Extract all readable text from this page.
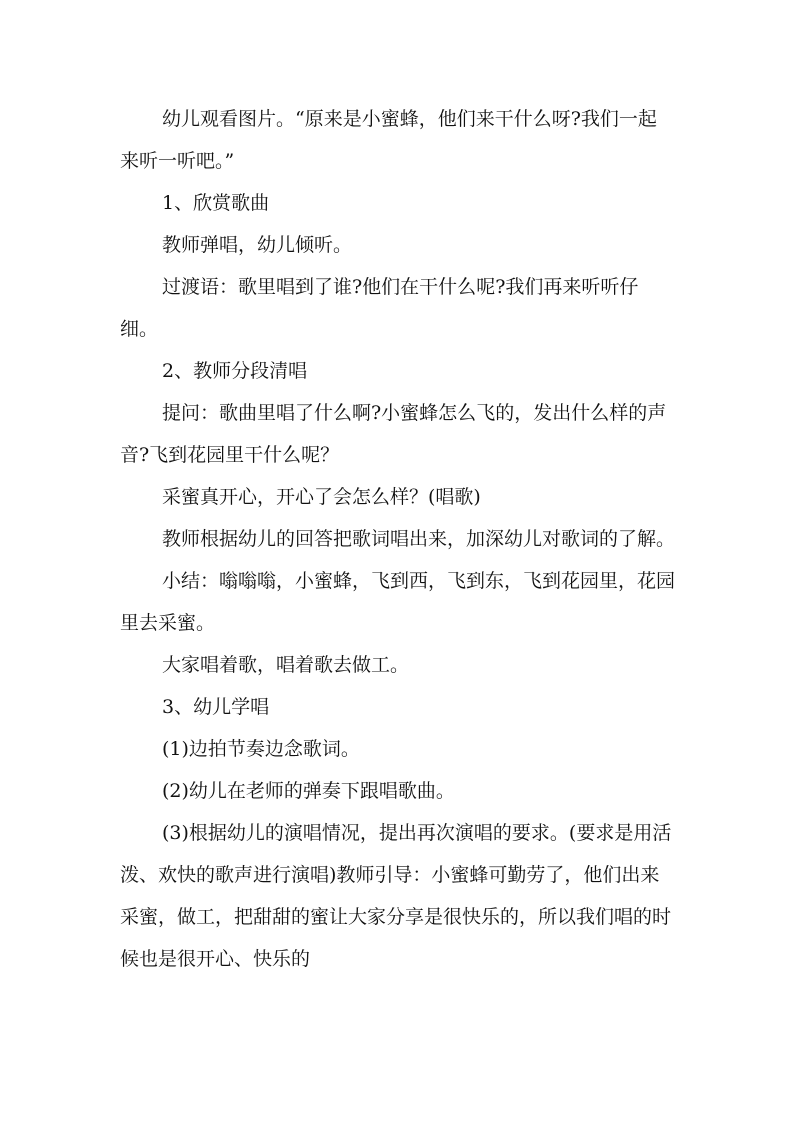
幼儿观看图片。“原来是小蜜蜂，他们来干什么呀?我们一起来听一听吧。”

1、欣赏歌曲

教师弹唱，幼儿倾听。

过渡语：歌里唱到了谁?他们在干什么呢?我们再来听听仔细。

2、教师分段清唱

提问：歌曲里唱了什么啊?小蜜蜂怎么飞的，发出什么样的声音?飞到花园里干什么呢？

采蜜真开心，开心了会怎么样？(唱歌)

教师根据幼儿的回答把歌词唱出来，加深幼儿对歌词的了解。

小结：嗡嗡嗡，小蜜蜂，飞到西，飞到东，飞到花园里，花园里去采蜜。

大家唱着歌，唱着歌去做工。

3、幼儿学唱

(1)边拍节奏边念歌词。

(2)幼儿在老师的弹奏下跟唱歌曲。

(3)根据幼儿的演唱情况，提出再次演唱的要求。(要求是用活泼、欢快的歌声进行演唱)教师引导：小蜜蜂可勤劳了，他们出来采蜜，做工，把甜甜的蜜让大家分享是很快乐的，所以我们唱的时候也是很开心、快乐的
